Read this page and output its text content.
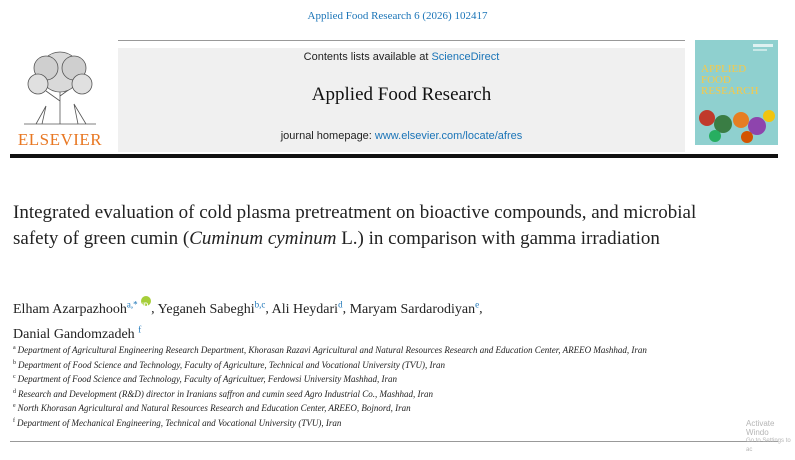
Applied Food Research 6 (2026) 102417
ELSEVIER
Contents lists available at ScienceDirect
Applied Food Research
journal homepage: www.elsevier.com/locate/afres
APPLIED
FOOD
RESEARCH
Integrated evaluation of cold plasma pretreatment on bioactive compounds, and microbial safety of green cumin (Cuminum cyminum L.) in comparison with gamma irradiation
Elham Azarpazhooh$^{a,*}$ iD , Yeganeh Sabeghi$^{b,c}$, Ali Heydari$^d$, Maryam Sardarodiyan$^e$,
Danial Gandomzadeh $^f$
$^a$ Department of Agricultural Engineering Research Department, Khorasan Razavi Agricultural and Natural Resources Research and Education Center, AREEO Mashhad, Iran
$^b$ Department of Food Science and Technology, Faculty of Agriculture, Technical and Vocational University (TVU), Iran
$^c$ Department of Food Science and Technology, Faculty of Agricultuer, Ferdowsi University Mashhad, Iran
$^d$ Research and Development (R&D) director in Iranians saffron and cumin seed Agro Industrial Co., Mashhad, Iran
$^e$ North Khorasan Agricultural and Natural Resources Research and Education Center, AREEO, Bojnord, Iran
$^f$ Department of Mechanical Engineering, Technical and Vocational University (TVU), Iran	Activate Windo
Go to Settings to ac
